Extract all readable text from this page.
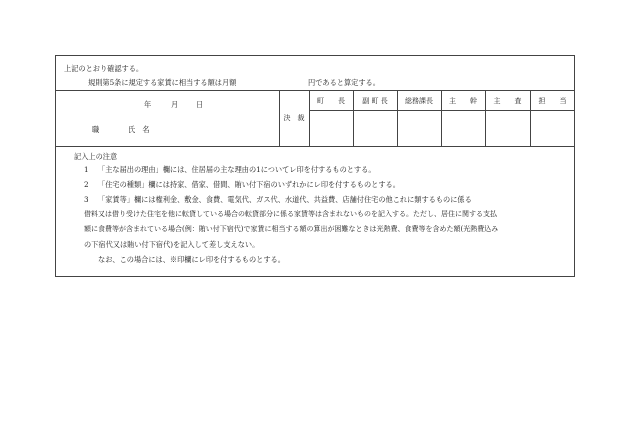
上記のとおり確認する。
規則第5条に規定する家賃に相当する額は月額	円であると算定する。
年	月 日
職	氏　名
決　裁
町　　長	副 町 長	総務課長	主　　幹	主　　査	担　　当
記入上の注意
1 「主な届出の理由」欄には、住居届の主な理由の1についてレ印を付するものとする。
2 「住宅の種類」欄には持家、借家、借間、賄い付下宿のいずれかにレ印を付するものとする。
3 「家賃等」欄には権利金、敷金、食費、電気代、ガス代、水道代、共益費、店舗付住宅の他これに類するものに係る
借料又は借り受けた住宅を他に転貸している場合の転貸部分に係る家賃等は含まれないものを記入する。ただし、居住に関する支払
額に食費等が含まれている場合(例：賄い付下宿代)で家賃に相当する額の算出が困難なときは光熱費、食費等を含めた額(光熱費込み
の下宿代又は賄い付下宿代)を記入して差し支えない。
なお、この場合には、※印欄にレ印を付するものとする。
